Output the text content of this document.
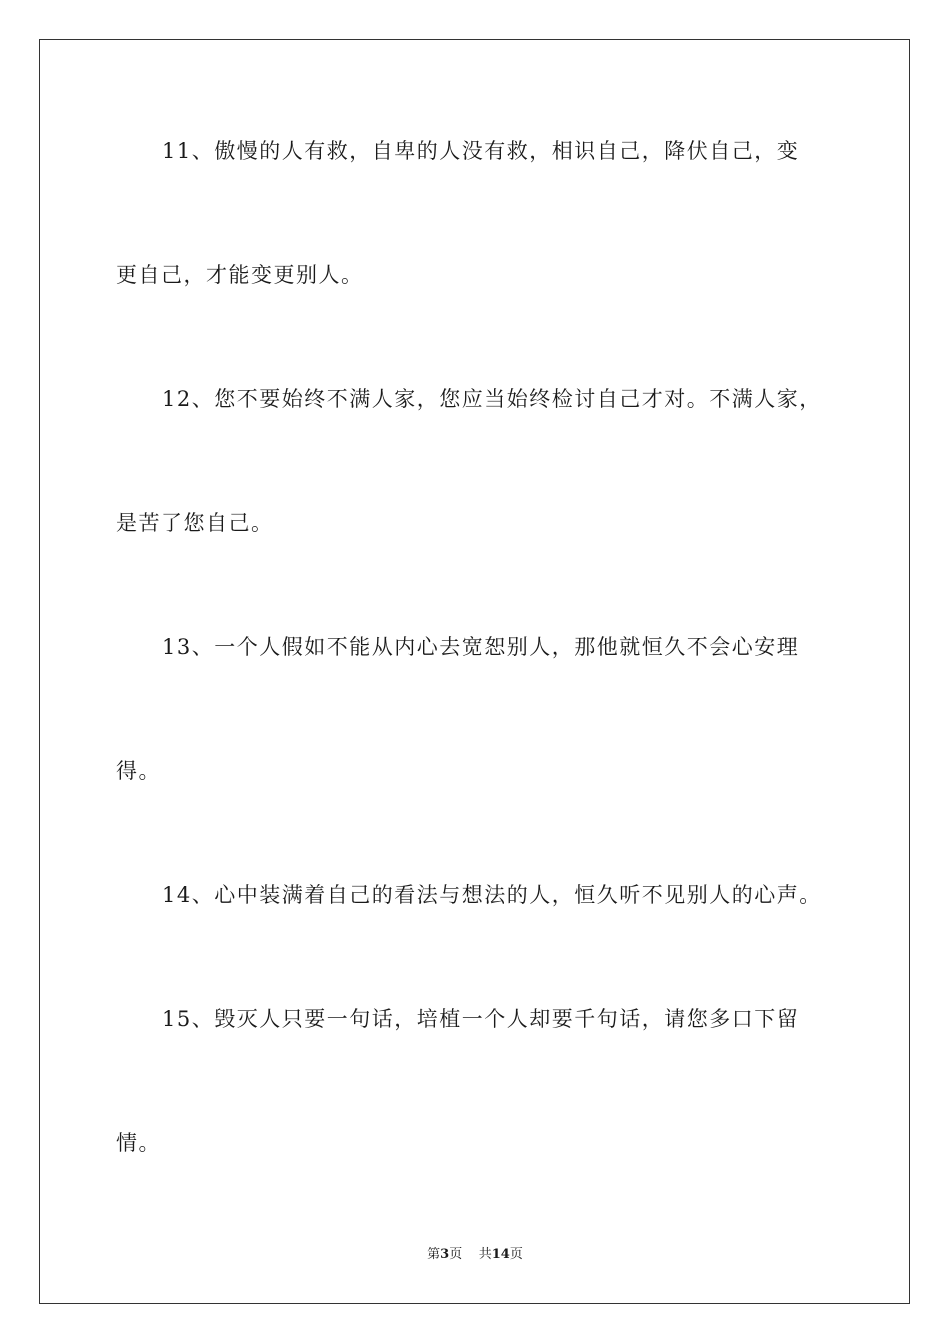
11、傲慢的人有救，自卑的人没有救，相识自己，降伏自己，变
更自己，才能变更别人。
12、您不要始终不满人家，您应当始终检讨自己才对。不满人家，
是苦了您自己。
13、一个人假如不能从内心去宽恕别人，那他就恒久不会心安理
得。
14、心中装满着自己的看法与想法的人，恒久听不见别人的心声。
15、毁灭人只要一句话，培植一个人却要千句话，请您多口下留
情。
第3页 共14页
